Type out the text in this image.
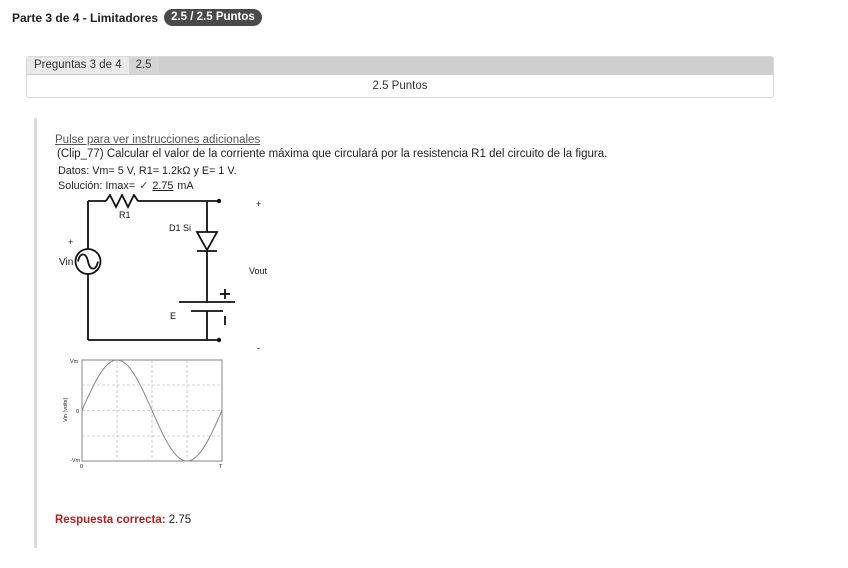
Parte 3 de 4 - Limitadores	2.5 / 2.5 Puntos
Preguntas 3 de 4	2.5
2.5 Puntos
Pulse para ver instrucciones adicionales
(Clip_77) Calcular el valor de la corriente máxima que circulará por la resistencia R1 del circuito de la figura.
Datos: Vm= 5 V, R1= 1.2kΩ y E= 1 V.
Solución: Imax= ✓ 2.75 mA
R1
D1 Si
Vin
+
E
+
Vout
-
Vm
0
-Vm
0	T
Vin (volts)
Respuesta correcta: 2.75
